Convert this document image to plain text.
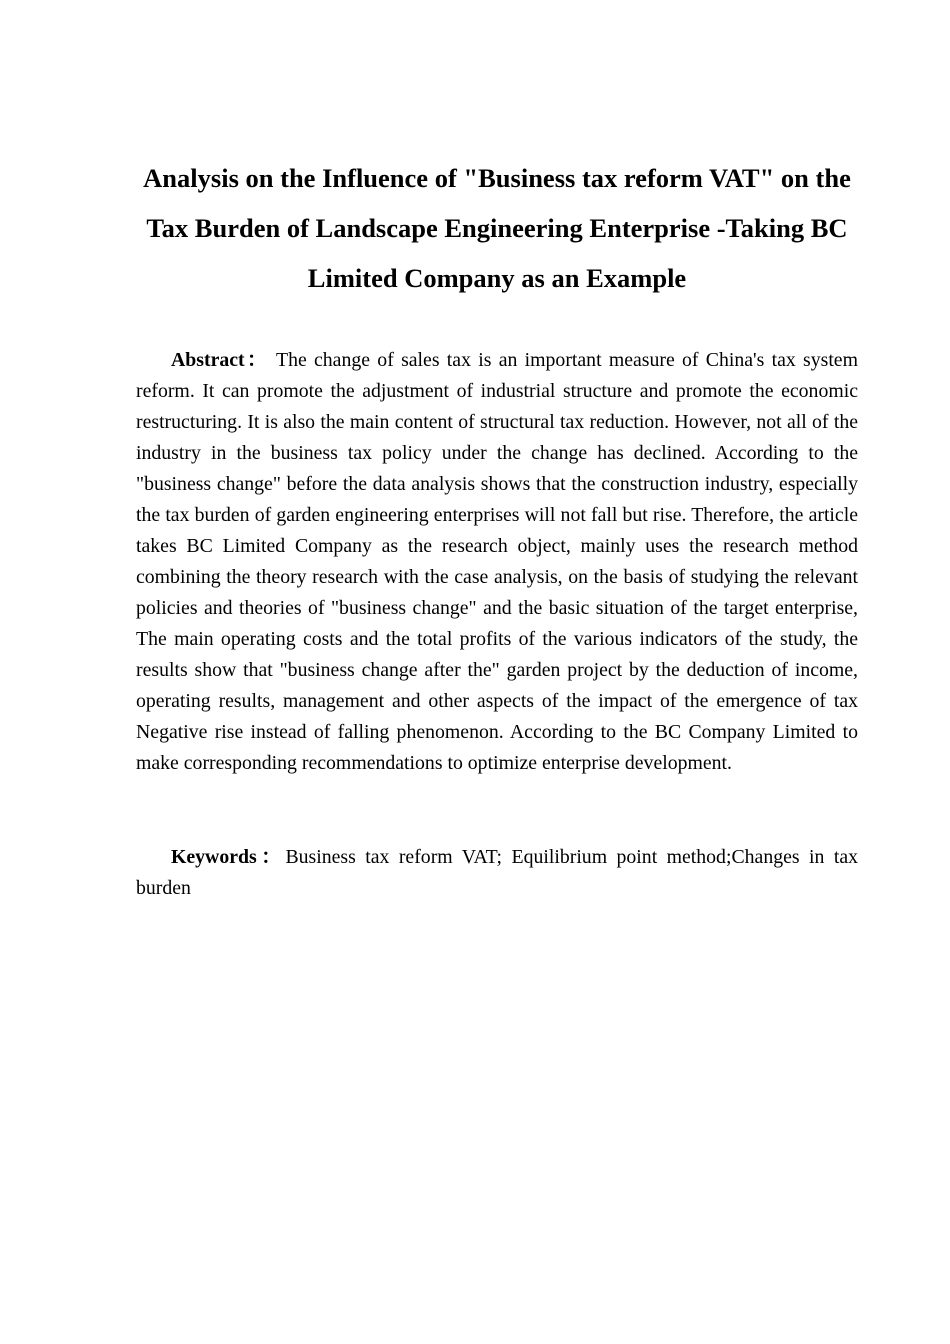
Analysis on the Influence of "Business tax reform VAT" on the Tax Burden of Landscape Engineering Enterprise -Taking BC Limited Company as an Example

Abstract： The change of sales tax is an important measure of China's tax system reform. It can promote the adjustment of industrial structure and promote the economic restructuring. It is also the main content of structural tax reduction. However, not all of the industry in the business tax policy under the change has declined. According to the "business change" before the data analysis shows that the construction industry, especially the tax burden of garden engineering enterprises will not fall but rise. Therefore, the article takes BC Limited Company as the research object, mainly uses the research method combining the theory research with the case analysis, on the basis of studying the relevant policies and theories of "business change" and the basic situation of the target enterprise, The main operating costs and the total profits of the various indicators of the study, the results show that "business change after the" garden project by the deduction of income, operating results, management and other aspects of the impact of the emergence of tax Negative rise instead of falling phenomenon. According to the BC Company Limited to make corresponding recommendations to optimize enterprise development.

Keywords：Business tax reform VAT; Equilibrium point method;Changes in tax burden
